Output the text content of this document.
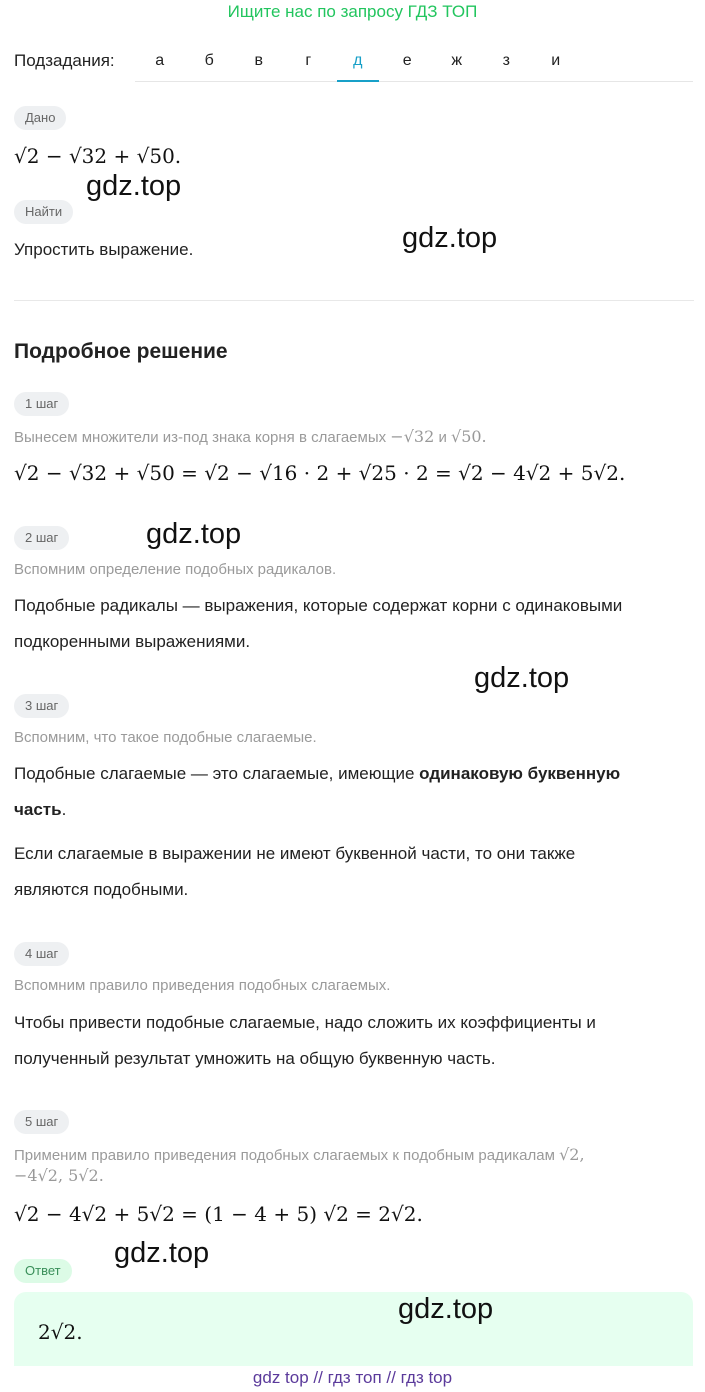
Ищите нас по запросу ГДЗ ТОП
Подзадания:	а	б	в	г	д	е	ж	з	и
Дано
√2 − √32 + √50.
Найти
Упростить выражение.
Подробное решение
1 шаг
Вынесем множители из-под знака корня в слагаемых −√32 и √50.
√2 − √32 + √50 = √2 − √16 · 2 + √25 · 2 = √2 − 4√2 + 5√2.
2 шаг
Вспомним определение подобных радикалов.
Подобные радикалы — выражения, которые содержат корни с одинаковыми
подкоренными выражениями.
3 шаг
Вспомним, что такое подобные слагаемые.
Подобные слагаемые — это слагаемые, имеющие одинаковую буквенную
часть.
Если слагаемые в выражении не имеют буквенной части, то они также
являются подобными.
4 шаг
Вспомним правило приведения подобных слагаемых.
Чтобы привести подобные слагаемые, надо сложить их коэффициенты и
полученный результат умножить на общую буквенную часть.
5 шаг
Применим правило приведения подобных слагаемых к подобным радикалам √2,
−4√2, 5√2.
√2 − 4√2 + 5√2 = (1 − 4 + 5) √2 = 2√2.
Ответ
2√2.
gdz.top
gdz.top
gdz.top
gdz.top
gdz.top
gdz.top
gdz top // гдз топ // гдз top
